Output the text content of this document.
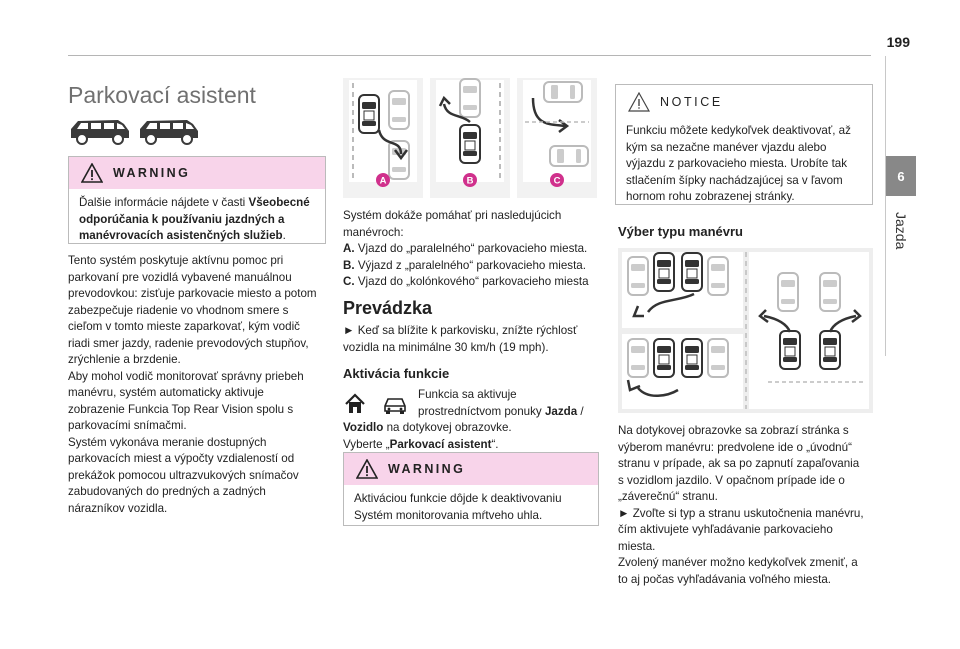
199
6
Jazda
Parkovací asistent
WARNING
Ďalšie informácie nájdete v časti Všeobecné
odporúčania k používaniu jazdných a
manévrovacích asistenčných služieb.
Tento systém poskytuje aktívnu pomoc pri
parkovaní pre vozidlá vybavené manuálnou
prevodovkou: zisťuje parkovacie miesto a potom
zabezpečuje riadenie vo vhodnom smere s
cieľom v tomto mieste zaparkovať, kým vodič
riadi smer jazdy, radenie prevodových stupňov,
zrýchlenie a brzdenie.
Aby mohol vodič monitorovať správny priebeh
manévru, systém automaticky aktivuje
zobrazenie Funkcia Top Rear Vision spolu s
parkovacími snímačmi.
Systém vykonáva meranie dostupných
parkovacích miest a výpočty vzdialeností od
prekážok pomocou ultrazvukových snímačov
zabudovaných do predných a zadných
nárazníkov vozidla.
A	B	C
Systém dokáže pomáhať pri nasledujúcich
manévroch:
A. Vjazd do „paralelného“ parkovacieho miesta.
B. Výjazd z „paralelného“ parkovacieho miesta.
C. Vjazd do „kolónkového“ parkovacieho miesta
Prevádzka
► Keď sa blížite k parkovisku, znížte rýchlosť
vozidla na minimálne 30 km/h (19 mph).
Aktivácia funkcie
Funkcia sa aktivuje
prostredníctvom ponuky Jazda /
Vozidlo na dotykovej obrazovke.
Vyberte „Parkovací asistent“.
WARNING
Aktiváciou funkcie dôjde k deaktivovaniu
Systém monitorovania mŕtveho uhla.
NOTICE
Funkciu môžete kedykoľvek deaktivovať, až
kým sa nezačne manéver vjazdu alebo
výjazdu z parkovacieho miesta. Urobíte tak
stlačením šípky nachádzajúcej sa v ľavom
hornom rohu zobrazenej stránky.
Výber typu manévru
Na dotykovej obrazovke sa zobrazí stránka s
výberom manévru: predvolene ide o „úvodnú“
stranu v prípade, ak sa po zapnutí zapaľovania
s vozidlom jazdilo. V opačnom prípade ide o
„záverečnú“ stranu.
► Zvoľte si typ a stranu uskutočnenia manévru,
čím aktivujete vyhľadávanie parkovacieho
miesta.
Zvolený manéver možno kedykoľvek zmeniť, a
to aj počas vyhľadávania voľného miesta.
